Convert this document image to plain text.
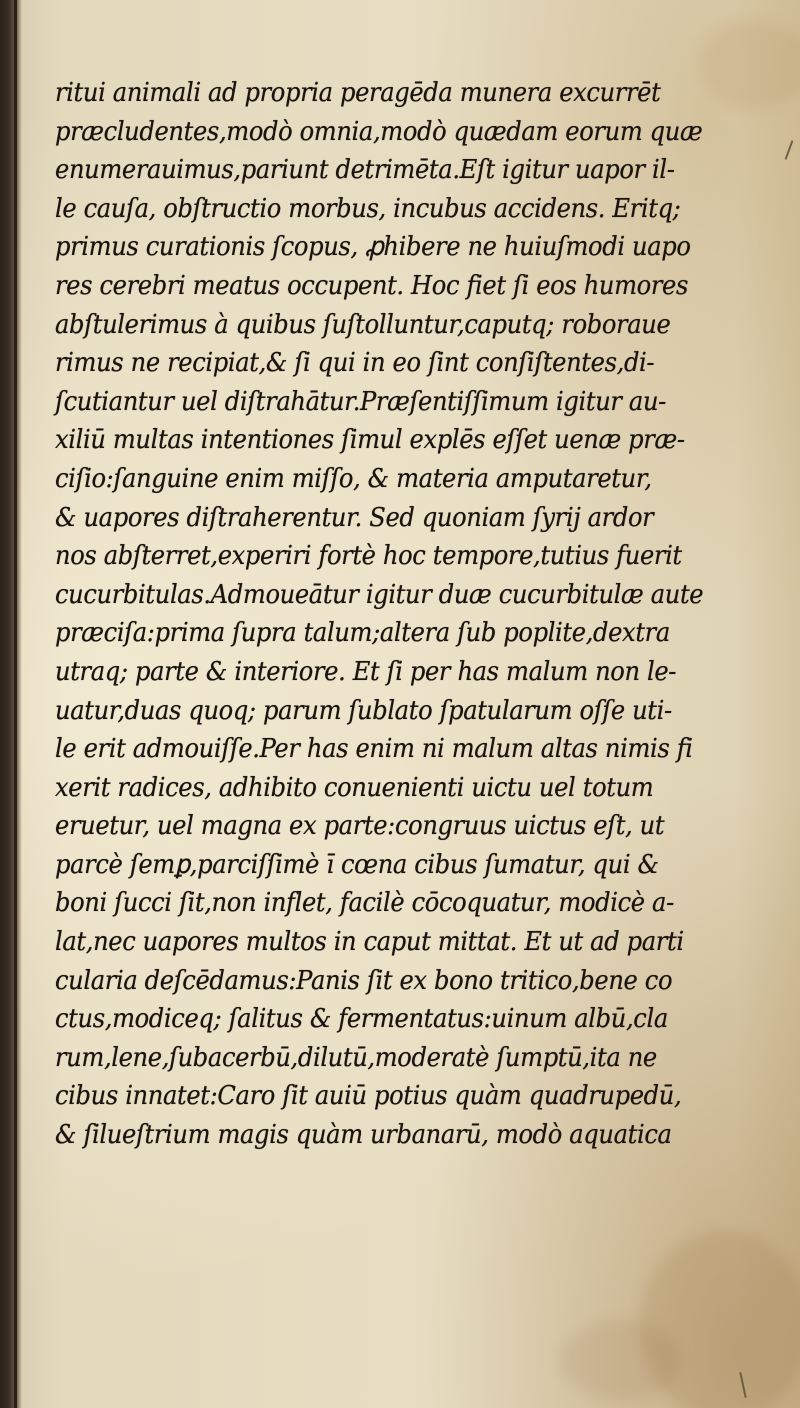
ritui animali ad propria peragēda munera excurrēt
præcludentes,modò omnia,modò quædam eorum quæ
enumerauimus,pariunt detrimēta.Eſt igitur uapor il-
le cauſa, obſtructio morbus, incubus accidens. Eritq;
primus curationis ſcopus, ꝓhibere ne huiuſmodi uapo
res cerebri meatus occupent. Hoc fiet ſi eos humores
abſtulerimus à quibus ſuſtolluntur,caputq; roboraue
rimus ne recipiat,& ſi qui in eo ſint conſiſtentes,di-
ſcutiantur uel diſtrahātur.Præſentiſſimum igitur au-
xiliū multas intentiones ſimul explēs eſſet uenæ præ-
ciſio:ſanguine enim miſſo, & materia amputaretur,
& uapores diſtraherentur. Sed quoniam ſyrij ardor
nos abſterret,experiri fortè hoc tempore,tutius fuerit
cucurbitulas.Admoueātur igitur duæ cucurbitulæ aute
præciſa:prima ſupra talum;altera ſub poplite,dextra
utraq; parte & interiore. Et ſi per has malum non le-
uatur,duas quoq; parum ſublato ſpatularum oſſe uti-
le erit admouiſſe.Per has enim ni malum altas nimis fi
xerit radices, adhibito conuenienti uictu uel totum
eruetur, uel magna ex parte:congruus uictus eſt, ut
parcè ſemꝑ,parciſſimè ī cœna cibus ſumatur, qui &
boni ſucci ſit,non inflet, facilè cōcoquatur, modicè a-
lat,nec uapores multos in caput mittat. Et ut ad parti
cularia deſcēdamus:Panis ſit ex bono tritico,bene co
ctus,modiceq; ſalitus & fermentatus:uinum albū,cla
rum,lene,ſubacerbū,dilutū,moderatè ſumptū,ita ne
cibus innatet:Caro ſit auiū potius quàm quadrupedū,
& ſilueſtrium magis quàm urbanarū, modò aquatica
